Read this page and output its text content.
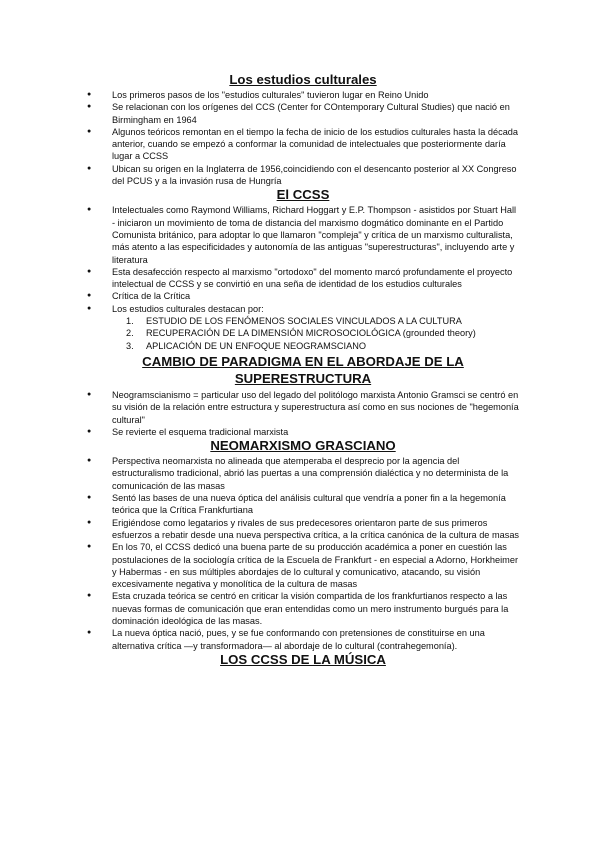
Los estudios culturales
● Los primeros pasos de los "estudios culturales" tuvieron lugar en Reino Unido
● Se relacionan con los orígenes del CCS (Center for COntemporary Cultural Studies) que nació en Birmingham en 1964
● Algunos teóricos remontan en el tiempo la fecha de inicio de los estudios culturales hasta la década anterior, cuando se empezó a conformar la comunidad de intelectuales que posteriormente daría lugar a CCSS
● Ubican su origen en la Inglaterra de 1956,coincidiendo con el desencanto posterior al XX Congreso del PCUS y a la invasión rusa de Hungría
El CCSS
● Intelectuales como Raymond Williams, Richard Hoggart y E.P. Thompson - asistidos por Stuart Hall - iniciaron un movimiento de toma de distancia del marxismo dogmático dominante en el Partido Comunista británico, para adoptar lo que llamaron "compleja" y crítica de un marxismo culturalista, más atento a las especificidades y autonomía de las antiguas "superestructuras", incluyendo arte y literatura
● Esta desafección respecto al marxismo "ortodoxo" del momento marcó profundamente el proyecto intelectual de CCSS y se convirtió en una seña de identidad de los estudios culturales
● Crítica de la Crítica
● Los estudios culturales destacan por:
1. ESTUDIO DE LOS FENÓMENOS SOCIALES VINCULADOS A LA CULTURA
2. RECUPERACIÓN DE LA DIMENSIÓN MICROSOCIOLÓGICA (grounded theory)
3. APLICACIÓN DE UN ENFOQUE NEOGRAMSCIANO
CAMBIO DE PARADIGMA EN EL ABORDAJE DE LA SUPERESTRUCTURA
● Neogramscianismo = particular uso del legado del politólogo marxista Antonio Gramsci se centró en su visión de la relación entre estructura y superestructura así como en sus nociones de "hegemonía cultural"
● Se revierte el esquema tradicional marxista
NEOMARXISMO GRASCIANO
● Perspectiva neomarxista no alineada que atemperaba el desprecio por la agencia del estructuralismo tradicional, abrió las puertas a una comprensión dialéctica y no determinista de la comunicación de las masas
● Sentó las bases de una nueva óptica del análisis cultural que vendría a poner fin a la hegemonía teórica que la Crítica Frankfurtiana
● Erigiéndose como legatarios y rivales de sus predecesores orientaron parte de sus primeros esfuerzos a rebatir desde una nueva perspectiva crítica, a la crítica canónica de la cultura de masas
● En los 70, el CCSS dedicó una buena parte de su producción académica a poner en cuestión las postulaciones de la sociología crítica de la Escuela de Frankfurt - en especial a Adorno, Horkheimer y Habermas - en sus múltiples abordajes de lo cultural y comunicativo, atacando, su visión excesivamente negativa y monolítica de la cultura de masas
● Esta cruzada teórica se centró en criticar la visión compartida de los frankfurtianos respecto a las nuevas formas de comunicación que eran entendidas como un mero instrumento burgués para la dominación ideológica de las masas.
● La nueva óptica nació, pues, y se fue conformando con pretensiones de constituirse en una alternativa crítica —y transformadora— al abordaje de lo cultural (contrahegemonía).
LOS CCSS DE LA MÚSICA
